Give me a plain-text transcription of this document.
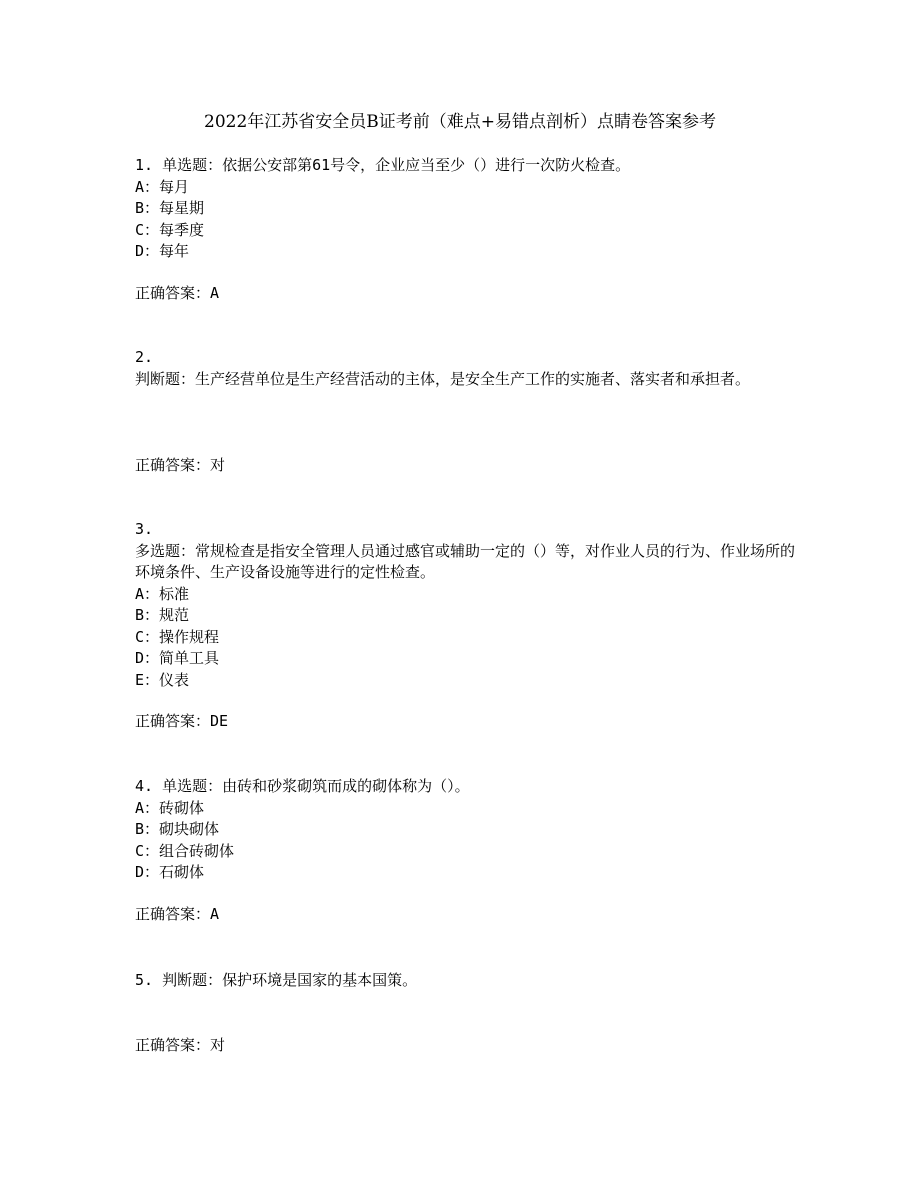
2022年江苏省安全员B证考前（难点+易错点剖析）点睛卷答案参考
1. 单选题：依据公安部第61号令，企业应当至少（）进行一次防火检查。
A：每月
B：每星期
C：每季度
D：每年
正确答案：A
2.
判断题：生产经营单位是生产经营活动的主体，是安全生产工作的实施者、落实者和承担者。
正确答案：对
3.
多选题：常规检查是指安全管理人员通过感官或辅助一定的（）等，对作业人员的行为、作业场所的环境条件、生产设备设施等进行的定性检查。
A：标准
B：规范
C：操作规程
D：简单工具
E：仪表
正确答案：DE
4. 单选题：由砖和砂浆砌筑而成的砌体称为（）。
A：砖砌体
B：砌块砌体
C：组合砖砌体
D：石砌体
正确答案：A
5. 判断题：保护环境是国家的基本国策。
正确答案：对
